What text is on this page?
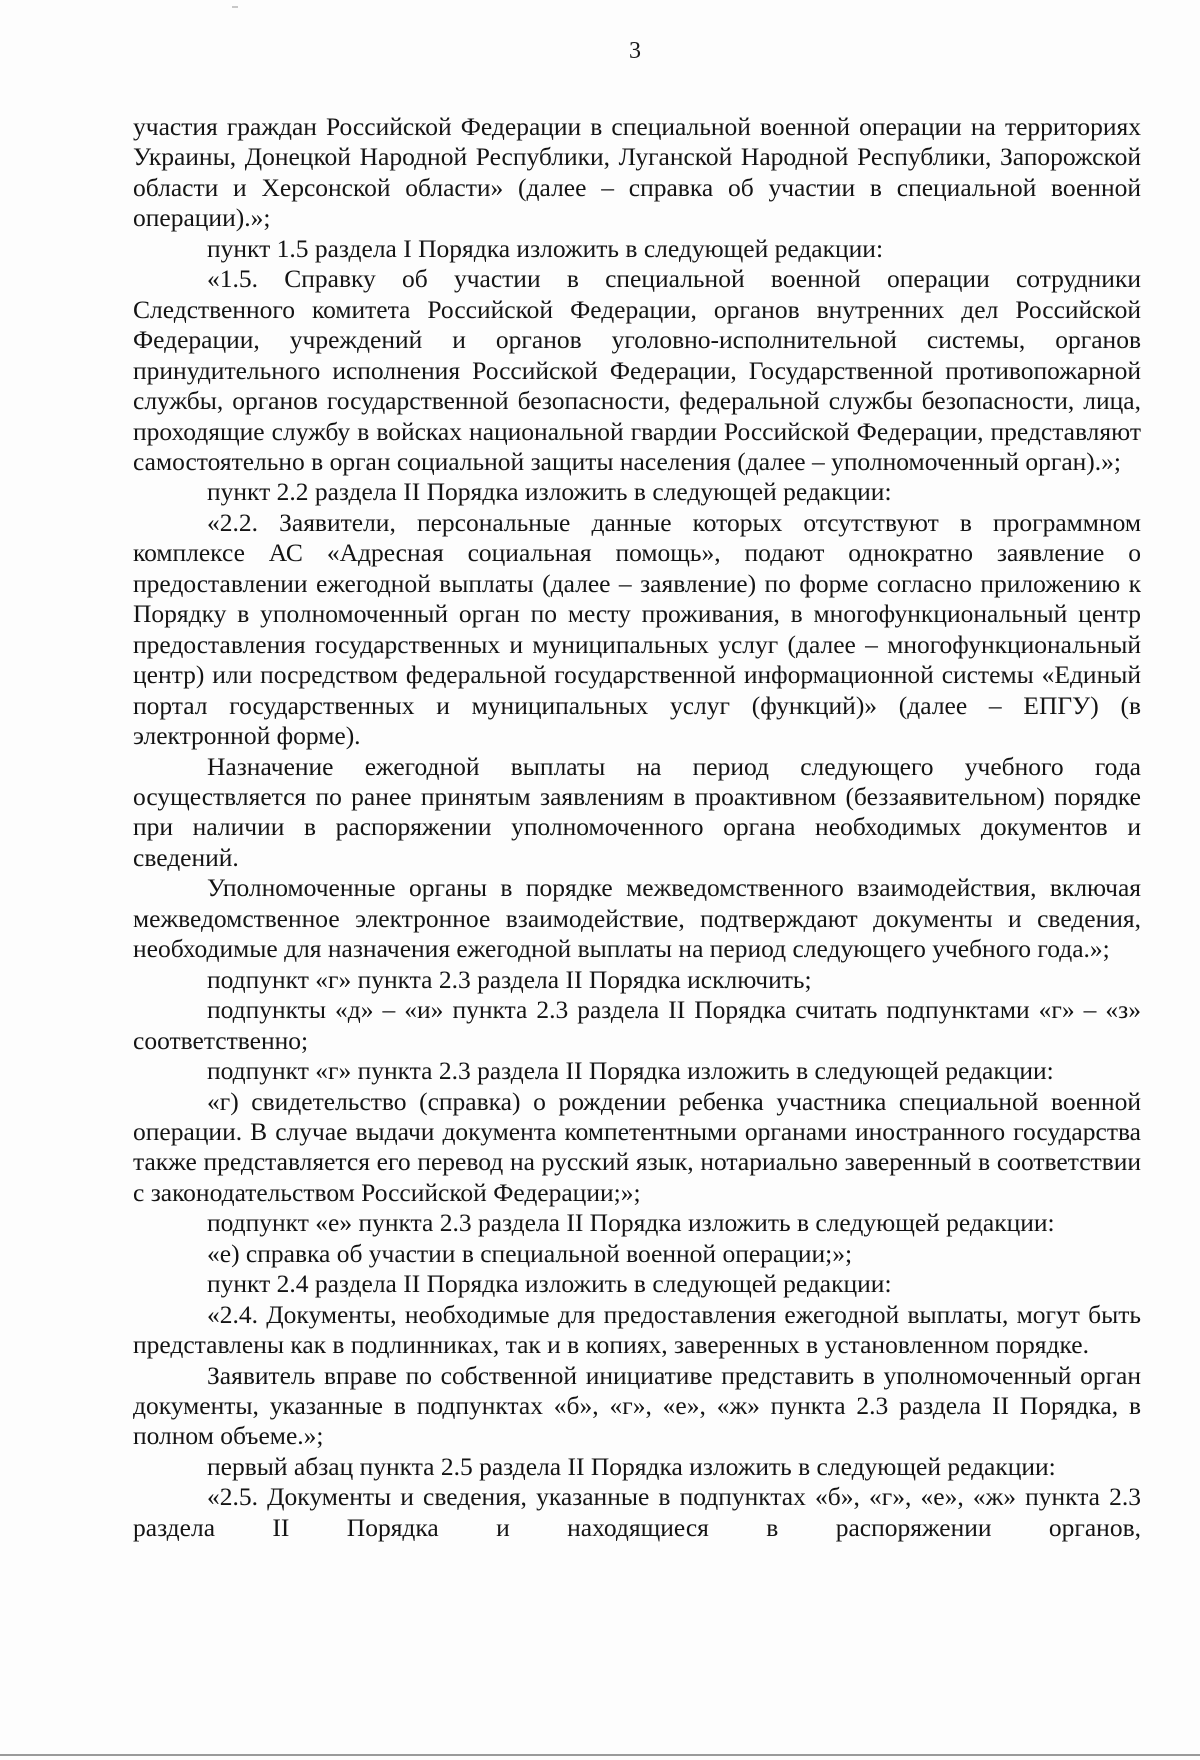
3

участия граждан Российской Федерации в специальной военной операции на территориях Украины, Донецкой Народной Республики, Луганской Народной Республики, Запорожской области и Херсонской области» (далее – справка об участии в специальной военной операции).»;

пункт 1.5 раздела I Порядка изложить в следующей редакции:

«1.5. Справку об участии в специальной военной операции сотрудники Следственного комитета Российской Федерации, органов внутренних дел Российской Федерации, учреждений и органов уголовно-исполнительной системы, органов принудительного исполнения Российской Федерации, Государственной противопожарной службы, органов государственной безопасности, федеральной службы безопасности, лица, проходящие службу в войсках национальной гвардии Российской Федерации, представляют самостоятельно в орган социальной защиты населения (далее – уполномоченный орган).»;

пункт 2.2 раздела II Порядка изложить в следующей редакции:

«2.2. Заявители, персональные данные которых отсутствуют в программном комплексе АС «Адресная социальная помощь», подают однократно заявление о предоставлении ежегодной выплаты (далее – заявление) по форме согласно приложению к Порядку в уполномоченный орган по месту проживания, в многофункциональный центр предоставления государственных и муниципальных услуг (далее – многофункциональный центр) или посредством федеральной государственной информационной системы «Единый портал государственных и муниципальных услуг (функций)» (далее – ЕПГУ) (в электронной форме).

Назначение ежегодной выплаты на период следующего учебного года осуществляется по ранее принятым заявлениям в проактивном (беззаявительном) порядке при наличии в распоряжении уполномоченного органа необходимых документов и сведений.

Уполномоченные органы в порядке межведомственного взаимодействия, включая межведомственное электронное взаимодействие, подтверждают документы и сведения, необходимые для назначения ежегодной выплаты на период следующего учебного года.»;

подпункт «г» пункта 2.3 раздела II Порядка исключить;

подпункты «д» – «и» пункта 2.3 раздела II Порядка считать подпунктами «г» – «з» соответственно;

подпункт «г» пункта 2.3 раздела II Порядка изложить в следующей редакции:

«г) свидетельство (справка) о рождении ребенка участника специальной военной операции. В случае выдачи документа компетентными органами иностранного государства также представляется его перевод на русский язык, нотариально заверенный в соответствии с законодательством Российской Федерации;»;

подпункт «е» пункта 2.3 раздела II Порядка изложить в следующей редакции:

«е) справка об участии в специальной военной операции;»;

пункт 2.4 раздела II Порядка изложить в следующей редакции:

«2.4. Документы, необходимые для предоставления ежегодной выплаты, могут быть представлены как в подлинниках, так и в копиях, заверенных в установленном порядке.

Заявитель вправе по собственной инициативе представить в уполномоченный орган документы, указанные в подпунктах «б», «г», «е», «ж» пункта 2.3 раздела II Порядка, в полном объеме.»;

первый абзац пункта 2.5 раздела II Порядка изложить в следующей редакции:

«2.5. Документы и сведения, указанные в подпунктах «б», «г», «е», «ж» пункта 2.3 раздела II Порядка и находящиеся в распоряжении органов,
